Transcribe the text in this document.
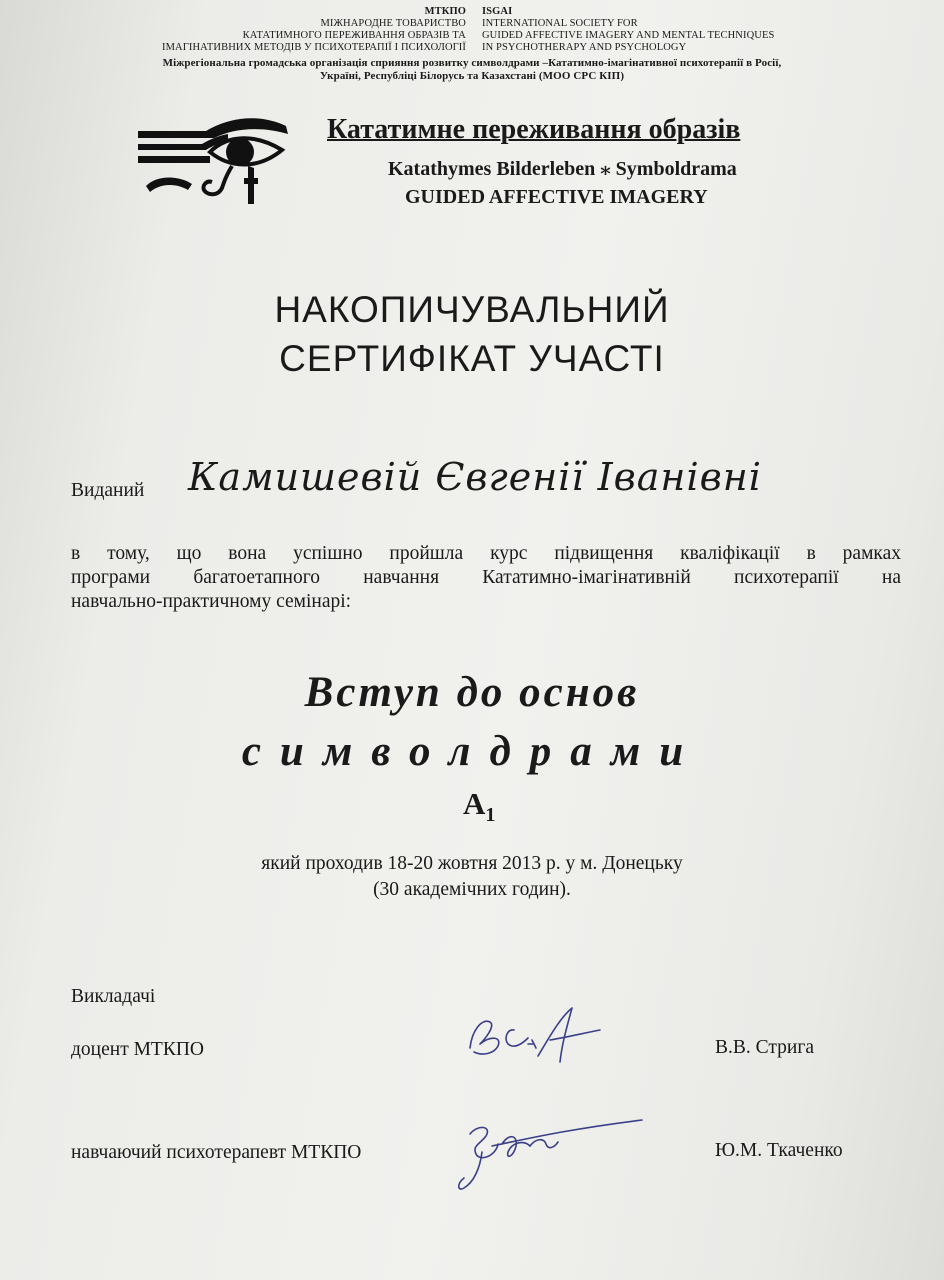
МТКПО ISGAI
МІЖНАРОДНЕ ТОВАРИСТВО
КАТАТИМНОГО ПЕРЕЖИВАННЯ ОБРАЗІВ ТА
ІМАГІНАТИВНИХ МЕТОДІВ У ПСИХОТЕРАПІЇ І ПСИХОЛОГІЇ
INTERNATIONAL SOCIETY FOR
GUIDED AFFECTIVE IMAGERY AND MENTAL TECHNIQUES
IN PSYCHOTHERAPY AND PSYCHOLOGY
Міжрегіональна громадська організація сприяння розвитку символдрами –Кататимно-імагінативної психотерапії в Росії,
Україні, Республіці Білорусь та Казахстані (МОО СРС КІП)
Кататимне переживання образів
Katathymes Bilderleben ⁎ Symboldrama
GUIDED AFFECTIVE IMAGERY
НАКОПИЧУВАЛЬНИЙ
СЕРТИФІКАТ УЧАСТІ
Виданий Камишевій Євгенії Іванівні
в тому, що вона успішно пройшла курс підвищення кваліфікації в рамках
програми багатоетапного навчання Кататимно-імагінативній психотерапії на
навчально-практичному семінарі:
Вступ до основ
символдрами
$А_1$
який проходив 18-20 жовтня 2013 р. у м. Донецьку
(30 академічних годин).
Викладачі
доцент МТКПО	В.В. Стрига
навчаючий психотерапевт МТКПО	Ю.М. Ткаченко
